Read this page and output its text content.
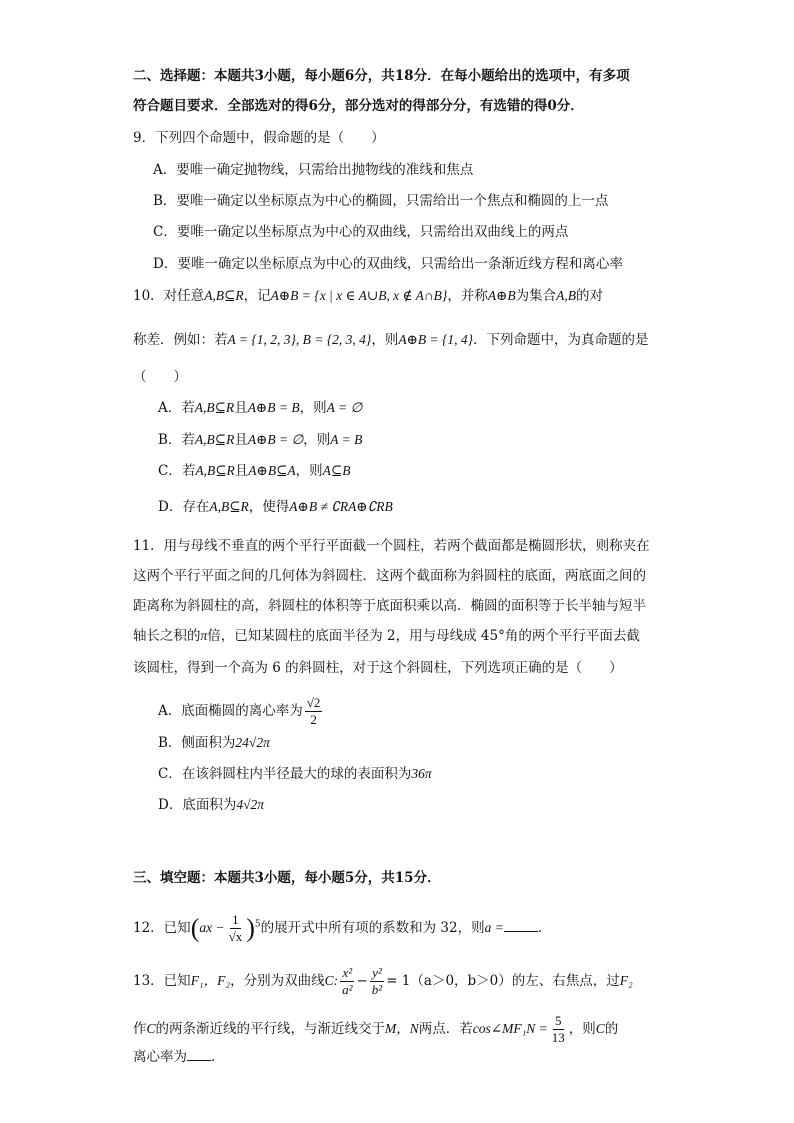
二、选择题：本题共3小题，每小题6分，共18分．在每小题给出的选项中，有多项
符合题目要求．全部选对的得6分，部分选对的得部分分，有选错的得0分．
9．下列四个命题中，假命题的是（　　）
A．要唯一确定抛物线，只需给出抛物线的准线和焦点
B．要唯一确定以坐标原点为中心的椭圆，只需给出一个焦点和椭圆的上一点
C．要唯一确定以坐标原点为中心的双曲线，只需给出双曲线上的两点
D．要唯一确定以坐标原点为中心的双曲线，只需给出一条渐近线方程和离心率
10．对任意A,B⊆R，记A⊕B = {x | x ∈ A∪B, x ∉ A∩B}，并称A⊕B为集合A,B的对
称差．例如：若A = {1, 2, 3}, B = {2, 3, 4}，则A⊕B = {1, 4}．下列命题中，为真命题的是
（　　）
A．若A,B⊆R且A⊕B = B，则A = ∅
B．若A,B⊆R且A⊕B = ∅，则A = B
C．若A,B⊆R且A⊕B⊆A，则A⊆B
D．存在A,B⊆R，使得A⊕B ≠ ∁RA⊕∁RB
11．用与母线不垂直的两个平行平面截一个圆柱，若两个截面都是椭圆形状，则称夹在
这两个平行平面之间的几何体为斜圆柱．这两个截面称为斜圆柱的底面，两底面之间的
距离称为斜圆柱的高，斜圆柱的体积等于底面积乘以高．椭圆的面积等于长半轴与短半
轴长之积的π倍，已知某圆柱的底面半径为 2，用与母线成 45°角的两个平行平面去截
该圆柱，得到一个高为 6 的斜圆柱，对于这个斜圆柱，下列选项正确的是（　　）
A．底面椭圆的离心率为 $\frac{√2}{2}$
B．侧面积为24√2π
C．在该斜圆柱内半径最大的球的表面积为36π
D．底面积为4√2π
三、填空题：本题共3小题，每小题5分，共15分．
12．已知$(ax - \frac{1}{√x} )^5$的展开式中所有项的系数和为 32，则a =	．
13．已知F₁，F₂，分别为双曲线C: $\frac{\text{x²}}{\text{a²}} - \frac{\text{y²}}{\text{b²}} = 1(a>0$，b＞0）的左、右焦点，过F₂
作C的两条渐近线的平行线，与渐近线交于M，N两点．若cos∠MF₁N = $\frac{5}{13}$ ，则C的
离心率为 ．
